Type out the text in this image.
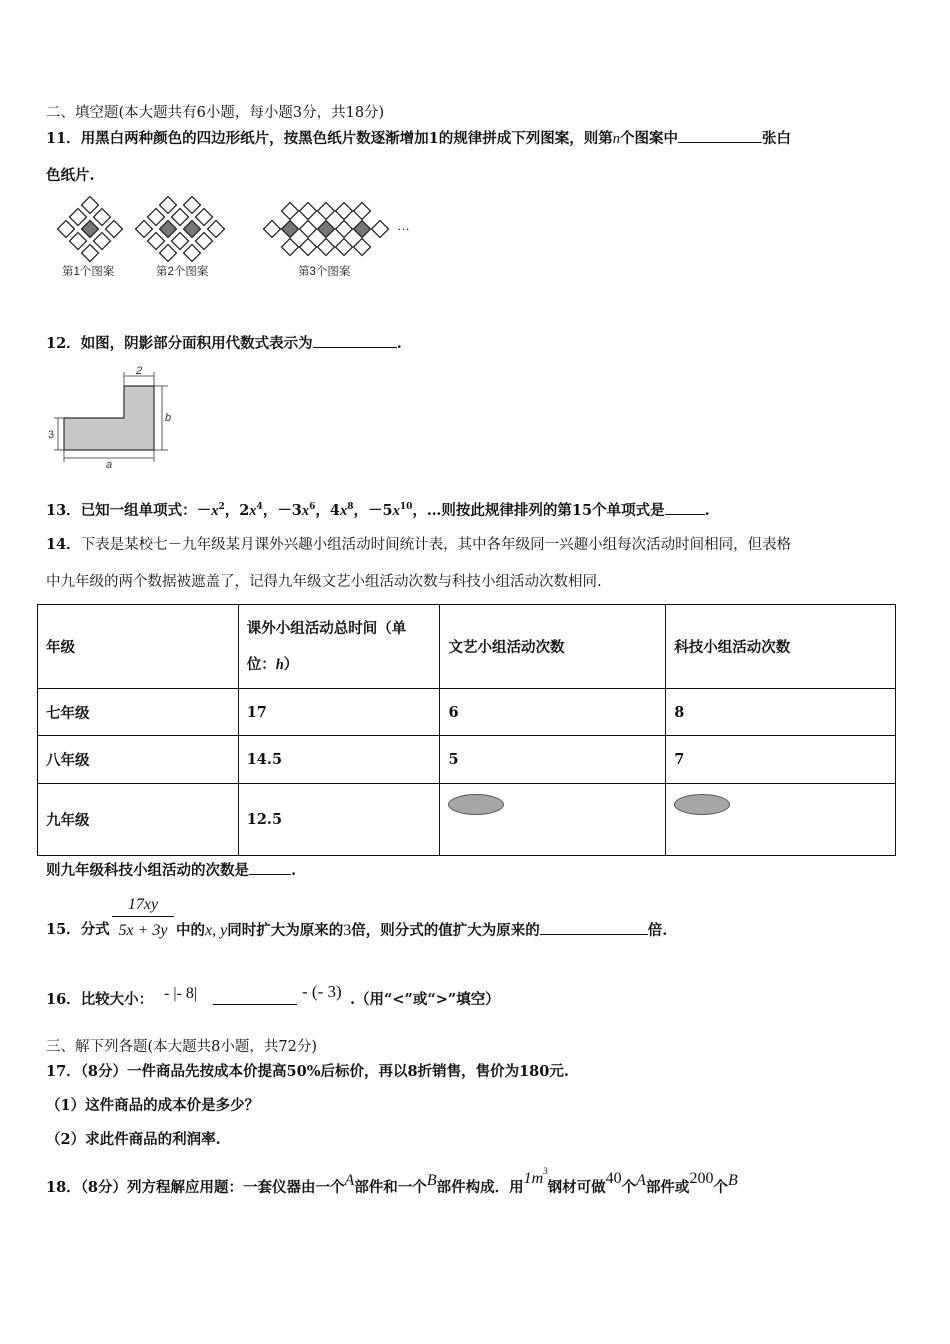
二、填空题(本大题共有6小题，每小题3分，共18分)
11．用黑白两种颜色的四边形纸片，按黑色纸片数逐渐增加1的规律拼成下列图案，则第n个图案中	张白
色纸片.
…
第1个图案	第2个图案	第3个图案
12．如图，阴影部分面积用代数式表示为	.
2
b
3
a
13．已知一组单项式：$-x^2$，$2x^4$，$-3x^6$，$4x^8$，$-5x^{10}$，…则按此规律排列的第15个单项式是	.
14．下表是某校七－九年级某月课外兴趣小组活动时间统计表，其中各年级同一兴趣小组每次活动时间相同，但表格
中九年级的两个数据被遮盖了，记得九年级文艺小组活动次数与科技小组活动次数相同.
年级	课外小组活动总时间（单
位：h）	文艺小组活动次数	科技小组活动次数
七年级	17	6	8
八年级	14.5	5	7
九年级	12.5		
则九年级科技小组活动的次数是	.
17xy
5x + 3y
15．分式	中的x, y同时扩大为原来的3倍，则分式的值扩大为原来的	倍.
16．比较大小： - |- 8|	- (- 3) .（用“<”或“>”填空）
三、解下列各题(本大题共8小题，共72分)
17．（8分）一件商品先按成本价提高50%后标价，再以8折销售，售价为180元.
（1）这件商品的成本价是多少？
（2）求此件商品的利润率.
18．（8分）列方程解应用题：一套仪器由一个A部件和一个B部件构成．用$1m^3$钢材可做40个A部件或200个B
